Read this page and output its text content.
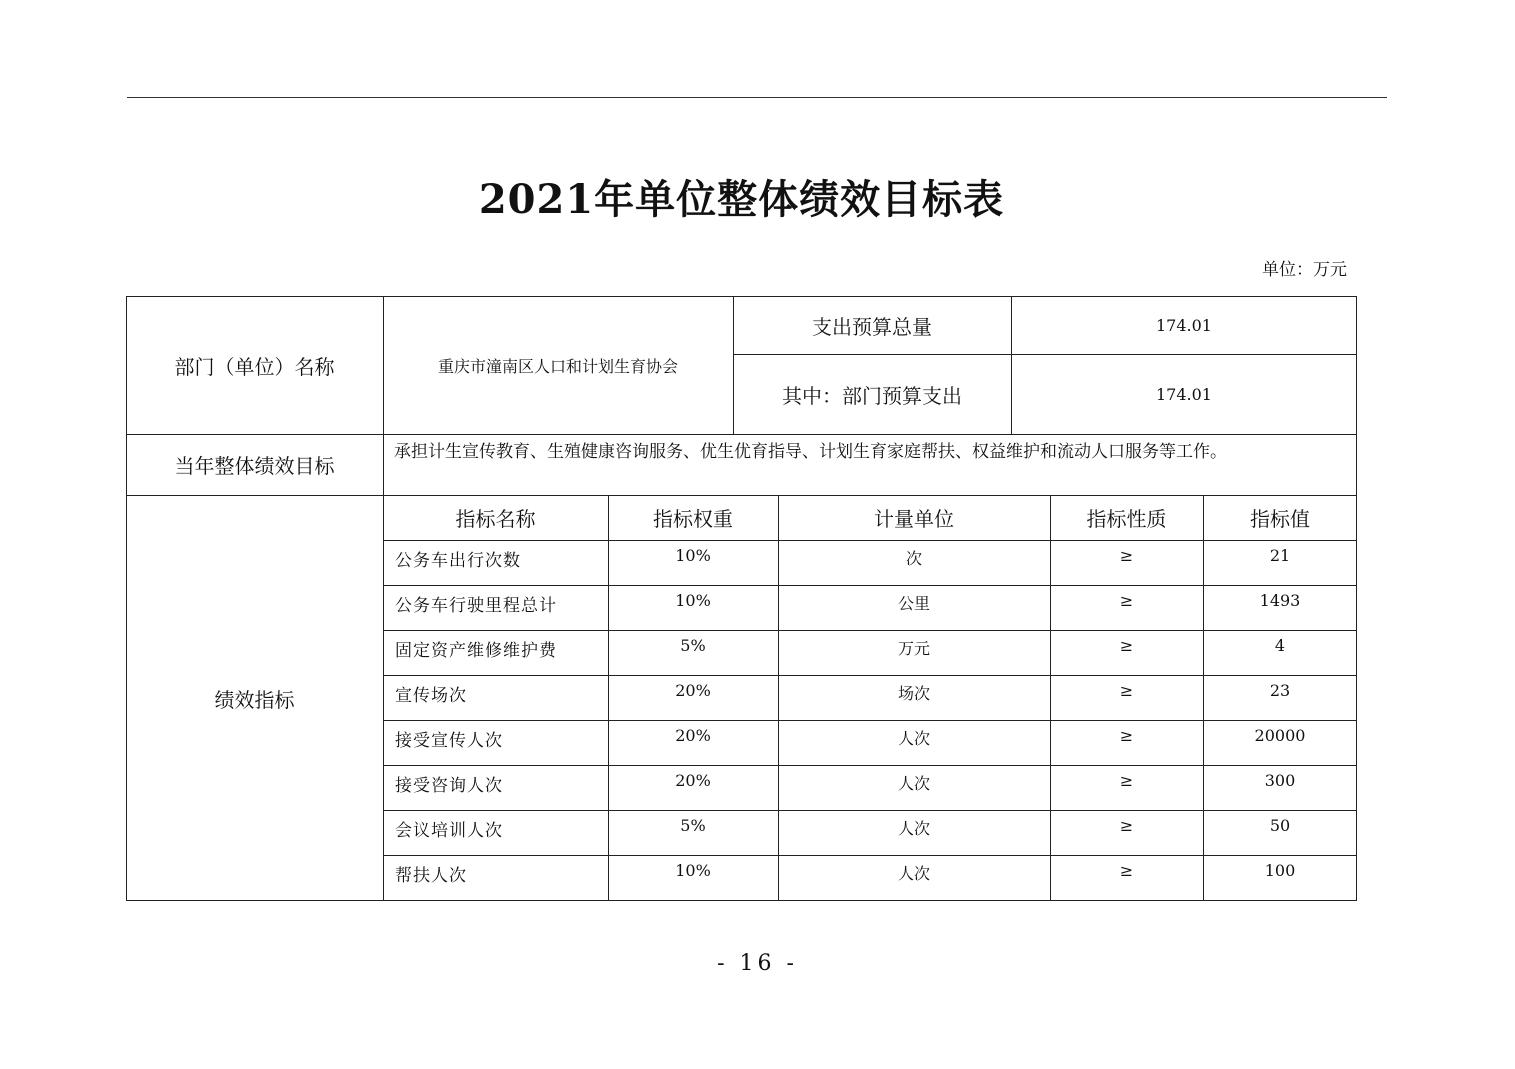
2021年单位整体绩效目标表
单位：万元
部门（单位）名称	重庆市潼南区人口和计划生育协会
支出预算总量	174.01
其中：部门预算支出	174.01
当年整体绩效目标
承担计生宣传教育、生殖健康咨询服务、优生优育指导、计划生育家庭帮扶、权益维护和流动人口服务等工作。
绩效指标
指标名称	指标权重	计量单位	指标性质	指标值
公务车出行次数	10%	次	≥	21
公务车行驶里程总计	10%	公里	≥	1493
固定资产维修维护费	5%	万元	≥	4
宣传场次	20%	场次	≥	23
接受宣传人次	20%	人次	≥	20000
接受咨询人次	20%	人次	≥	300
会议培训人次	5%	人次	≥	50
帮扶人次	10%	人次	≥	100
- 16 -
